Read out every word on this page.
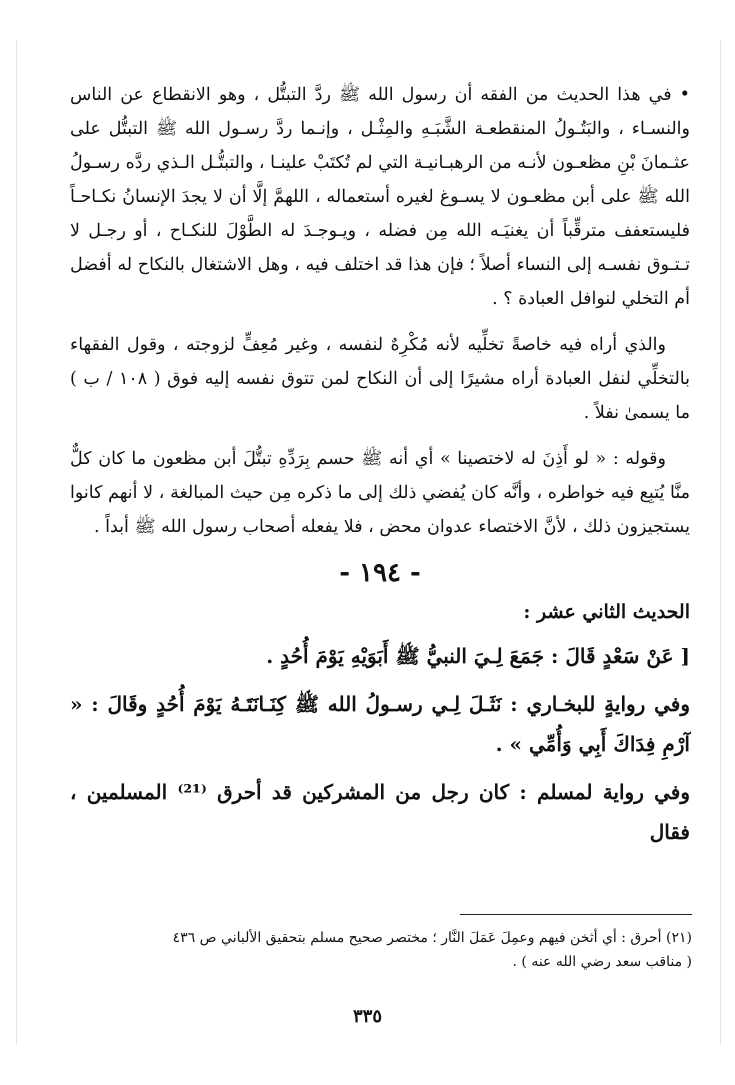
• في هذا الحديث من الفقه أن رسول الله ﷺ ردَّ التبتُّل ، وهو الانقطاع عن الناس والنسـاء ، والبَتُـولُ المنقطعـة الشَّبَـهِ والمِثْـل ، وإنـما ردَّ رسـول الله ﷺ التبتُّل على عثـمانَ بْنِ مظعـون لأنـه من الرهبـانيـة التي لم تُكتَبْ علينـا ، والتبتُّـل الـذي ردَّه رسـولُ الله ﷺ على أبن مظعـون لا يسـوغ لغيره أستعماله ، اللهمَّ إلَّا أن لا يجدَ الإنسانُ نكـاحـاً فليستعفف مترقِّباً أن يغنيَـه الله مِن فضله ، ويـوجـدَ له الطَّوْلَ للنكـاح ، أو رجـل لا تـتـوق نفسـه إلى النساء أصلاً ؛ فإن هذا قد اختلف فيه ، وهل الاشتغال بالنكاح له أفضل أم التخلي لنوافل العبادة ؟ .

والذي أراه فيه خاصةً تخلِّيه لأنه مُكْرِهٌ لنفسه ، وغير مُعِفٍّ لزوجته ، وقول الفقهاء بالتخلِّي لنفل العبادة أراه مشيرًا إلى أن النكاح لمن تتوق نفسه إليه فوق ( ١٠٨ / ب ) ما يسمىٰ نفلاً .

وقوله : « لو أَذِنَ له لاختصينا » أي أنه ﷺ حسم بِرَدِّهِ تبتُّلَ أبن مظعون ما كان كلٌّ منَّا يُتبِع فيه خواطره ، وأنَّه كان يُفضي ذلك إلى ما ذكره مِن حيث المبالغة ، لا أنهم كانوا يستجيزون ذلك ، لأنَّ الاختصاء عدوان محض ، فلا يفعله أصحاب رسول الله ﷺ أبداً .

- ١٩٤ -
الحديث الثاني عشر :

[ عَنْ سَعْدٍ قَالَ : جَمَعَ لِـيَ النبيُّ ﷺ أَبَوَيْهِ يَوْمَ أُحُدٍ .

وفي روايةٍ للبخـاري : نَثَـلَ لِـي رسـولُ الله ﷺ كِنَـانَتَـهُ يَوْمَ أُحُدٍ وقَالَ : « آرْمِ فِدَاكَ أَبِي وَأُمِّي » .

وفي رواية لمسلم : كان رجل من المشركين قد أحرق ⁽²¹⁾ المسلمين ، فقال

(٢١) أحرق : أي أثخن فيهم وعمِلَ عَمَلَ النَّار ؛ مختصر صحيح مسلم بتحقيق الألباني ص ٤٣٦
( مناقب سعد رضي الله عنه ) .
٣٣٥
